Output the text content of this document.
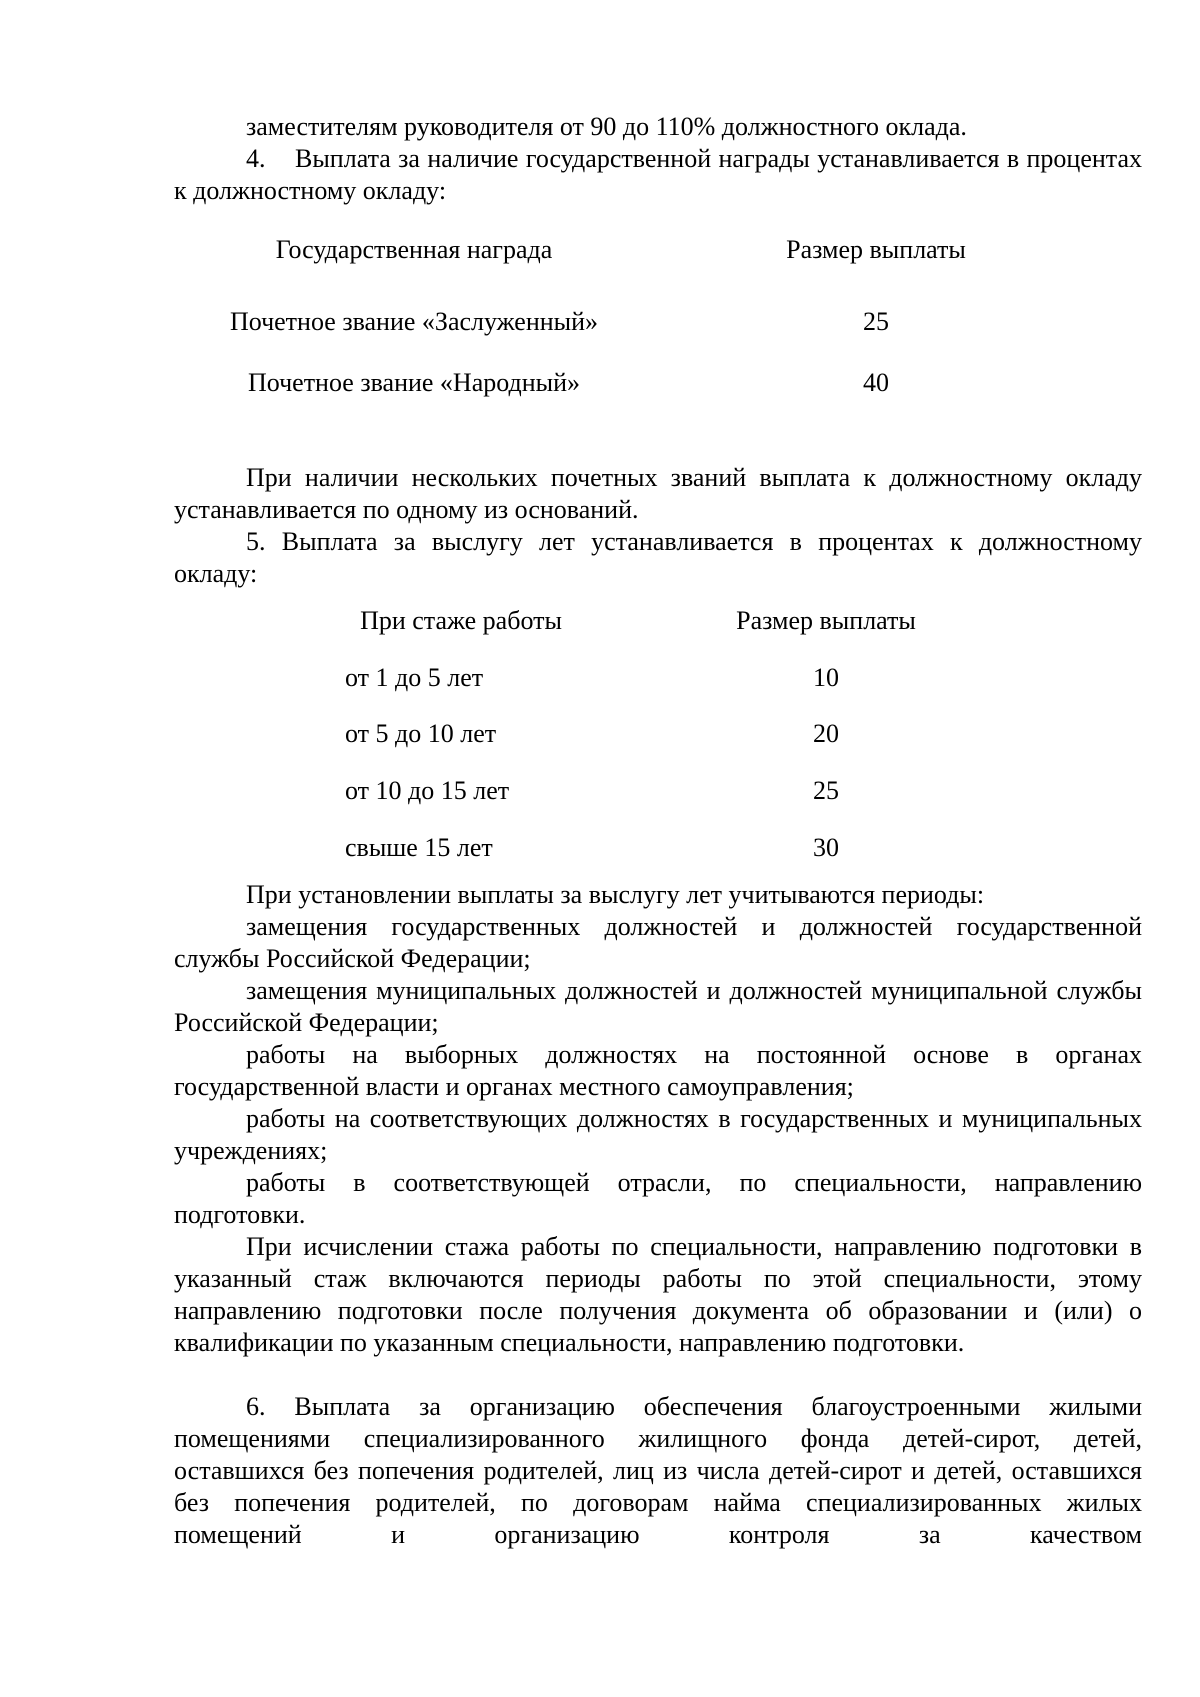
заместителям руководителя от 90 до 110% должностного оклада.

4. Выплата за наличие государственной награды устанавливается в процентах к должностному окладу:

Государственная награда	Размер выплаты
Почетное звание «Заслуженный»	25
Почетное звание «Народный»	40

При наличии нескольких почетных званий выплата к должностному окладу устанавливается по одному из оснований.

5. Выплата за выслугу лет устанавливается в процентах к должностному окладу:

При стаже работы	Размер выплаты
от 1 до 5 лет	10
от 5 до 10 лет	20
от 10 до 15 лет	25
свыше 15 лет	30

При установлении выплаты за выслугу лет учитываются периоды:

замещения государственных должностей и должностей государственной службы Российской Федерации;

замещения муниципальных должностей и должностей муниципальной службы Российской Федерации;

работы на выборных должностях на постоянной основе в органах государственной власти и органах местного самоуправления;

работы на соответствующих должностях в государственных и муниципальных учреждениях;

работы в соответствующей отрасли, по специальности, направлению подготовки.

При исчислении стажа работы по специальности, направлению подготовки в указанный стаж включаются периоды работы по этой специальности, этому направлению подготовки после получения документа об образовании и (или) о квалификации по указанным специальности, направлению подготовки.

6. Выплата за организацию обеспечения благоустроенными жилыми помещениями специализированного жилищного фонда детей-сирот, детей, оставшихся без попечения родителей, лиц из числа детей-сирот и детей, оставшихся без попечения родителей, по договорам найма специализированных жилых помещений и организацию контроля за качеством
